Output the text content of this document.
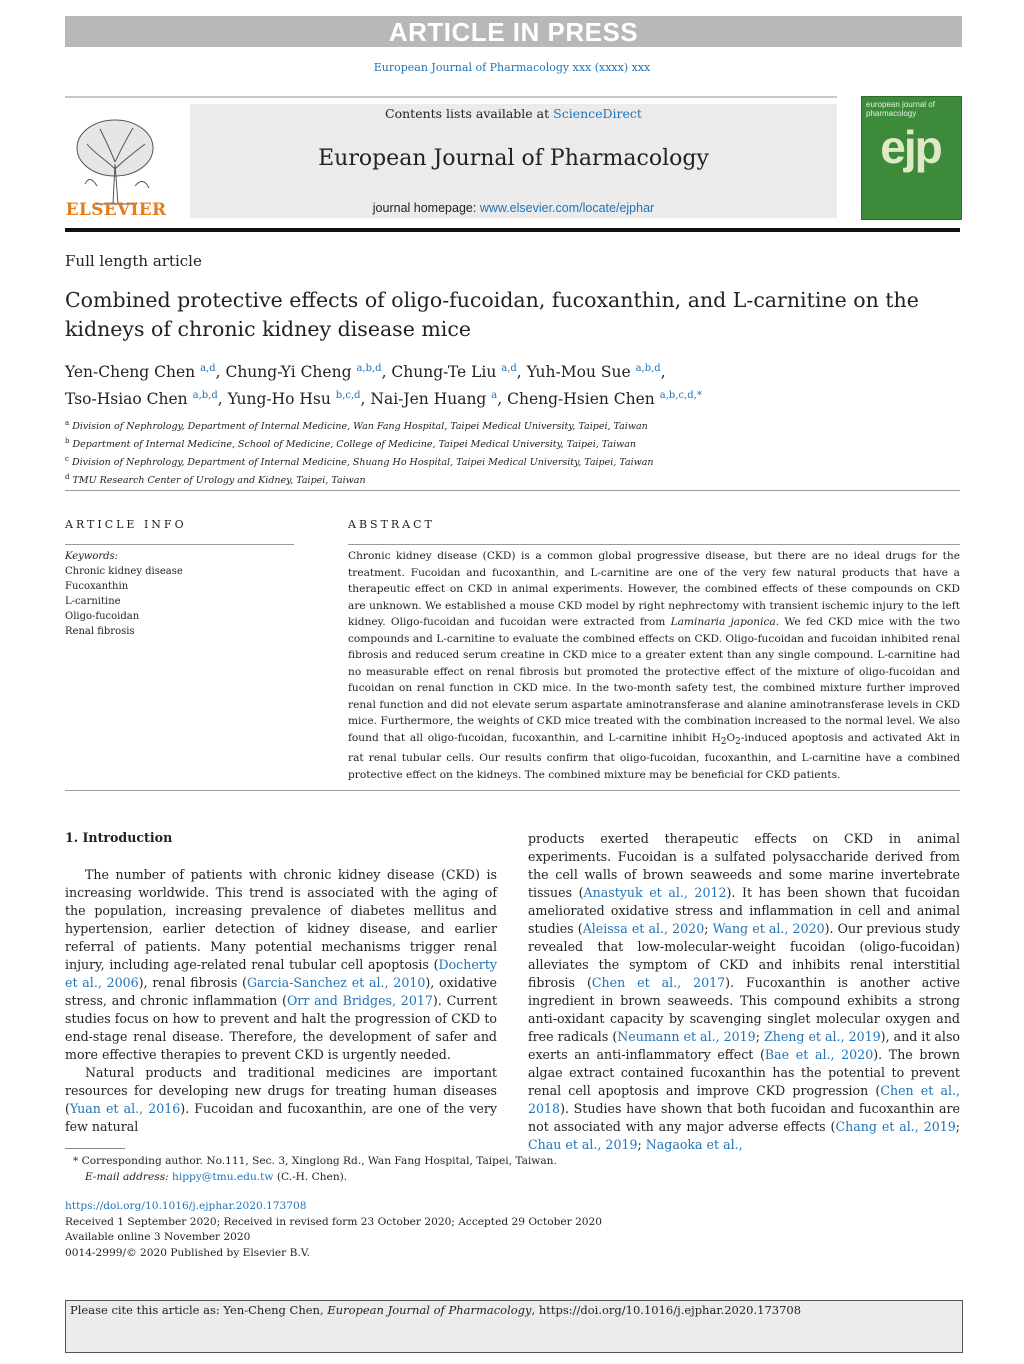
ARTICLE IN PRESS
European Journal of Pharmacology xxx (xxxx) xxx
ELSEVIER
Contents lists available at ScienceDirect
European Journal of Pharmacology
journal homepage: www.elsevier.com/locate/ejphar
european journal of pharmacology
ejp
Full length article
Combined protective effects of oligo-fucoidan, fucoxanthin, and L-carnitine on the kidneys of chronic kidney disease mice
Yen-Cheng Chen $^{a,d}$, Chung-Yi Cheng $^{a,b,d}$, Chung-Te Liu $^{a,d}$, Yuh-Mou Sue $^{a,b,d}$,
Tso-Hsiao Chen $^{a,b,d}$, Yung-Ho Hsu $^{b,c,d}$, Nai-Jen Huang $^a$, Cheng-Hsien Chen $^{a,b,c,d,*}$
$^a$ Division of Nephrology, Department of Internal Medicine, Wan Fang Hospital, Taipei Medical University, Taipei, Taiwan
$^b$ Department of Internal Medicine, School of Medicine, College of Medicine, Taipei Medical University, Taipei, Taiwan
$^c$ Division of Nephrology, Department of Internal Medicine, Shuang Ho Hospital, Taipei Medical University, Taipei, Taiwan
$^d$ TMU Research Center of Urology and Kidney, Taipei, Taiwan
ARTICLE INFO
Keywords:
Chronic kidney disease
Fucoxanthin
L-carnitine
Oligo-fucoidan
Renal fibrosis
ABSTRACT
Chronic kidney disease (CKD) is a common global progressive disease, but there are no ideal drugs for the treatment. Fucoidan and fucoxanthin, and L-carnitine are one of the very few natural products that have a therapeutic effect on CKD in animal experiments. However, the combined effects of these compounds on CKD are unknown. We established a mouse CKD model by right nephrectomy with transient ischemic injury to the left kidney. Oligo-fucoidan and fucoidan were extracted from Laminaria japonica. We fed CKD mice with the two compounds and L-carnitine to evaluate the combined effects on CKD. Oligo-fucoidan and fucoidan inhibited renal fibrosis and reduced serum creatine in CKD mice to a greater extent than any single compound. L-carnitine had no measurable effect on renal fibrosis but promoted the protective effect of the mixture of oligo-fucoidan and fucoidan on renal function in CKD mice. In the two-month safety test, the combined mixture further improved renal function and did not elevate serum aspartate aminotransferase and alanine aminotransferase levels in CKD mice. Furthermore, the weights of CKD mice treated with the combination increased to the normal level. We also found that all oligo-fucoidan, fucoxanthin, and L-carnitine inhibit $H_2O_2$-induced apoptosis and activated Akt in rat renal tubular cells. Our results confirm that oligo-fucoidan, fucoxanthin, and L-carnitine have a combined protective effect on the kidneys. The combined mixture may be beneficial for CKD patients.
1. Introduction

The number of patients with chronic kidney disease (CKD) is increasing worldwide. This trend is associated with the aging of the population, increasing prevalence of diabetes mellitus and hypertension, earlier detection of kidney disease, and earlier referral of patients. Many potential mechanisms trigger renal injury, including age-related renal tubular cell apoptosis (Docherty et al., 2006), renal fibrosis (Garcia-Sanchez et al., 2010), oxidative stress, and chronic inflammation (Orr and Bridges, 2017). Current studies focus on how to prevent and halt the progression of CKD to end-stage renal disease. Therefore, the development of safer and more effective therapies to prevent CKD is urgently needed.

Natural products and traditional medicines are important resources for developing new drugs for treating human diseases (Yuan et al., 2016). Fucoidan and fucoxanthin, are one of the very few natural

products exerted therapeutic effects on CKD in animal experiments. Fucoidan is a sulfated polysaccharide derived from the cell walls of brown seaweeds and some marine invertebrate tissues (Anastyuk et al., 2012). It has been shown that fucoidan ameliorated oxidative stress and inflammation in cell and animal studies (Aleissa et al., 2020; Wang et al., 2020). Our previous study revealed that low-molecular-weight fucoidan (oligo-fucoidan) alleviates the symptom of CKD and inhibits renal interstitial fibrosis (Chen et al., 2017). Fucoxanthin is another active ingredient in brown seaweeds. This compound exhibits a strong anti-oxidant capacity by scavenging singlet molecular oxygen and free radicals (Neumann et al., 2019; Zheng et al., 2019), and it also exerts an anti-inflammatory effect (Bae et al., 2020). The brown algae extract contained fucoxanthin has the potential to prevent renal cell apoptosis and improve CKD progression (Chen et al., 2018). Studies have shown that both fucoidan and fucoxanthin are not associated with any major adverse effects (Chang et al., 2019; Chau et al., 2019; Nagaoka et al.,

* Corresponding author. No.111, Sec. 3, Xinglong Rd., Wan Fang Hospital, Taipei, Taiwan.
E-mail address: hippy@tmu.edu.tw (C.-H. Chen).
https://doi.org/10.1016/j.ejphar.2020.173708
Received 1 September 2020; Received in revised form 23 October 2020; Accepted 29 October 2020
Available online 3 November 2020
0014-2999/© 2020 Published by Elsevier B.V.
Please cite this article as: Yen-Cheng Chen, European Journal of Pharmacology, https://doi.org/10.1016/j.ejphar.2020.173708
